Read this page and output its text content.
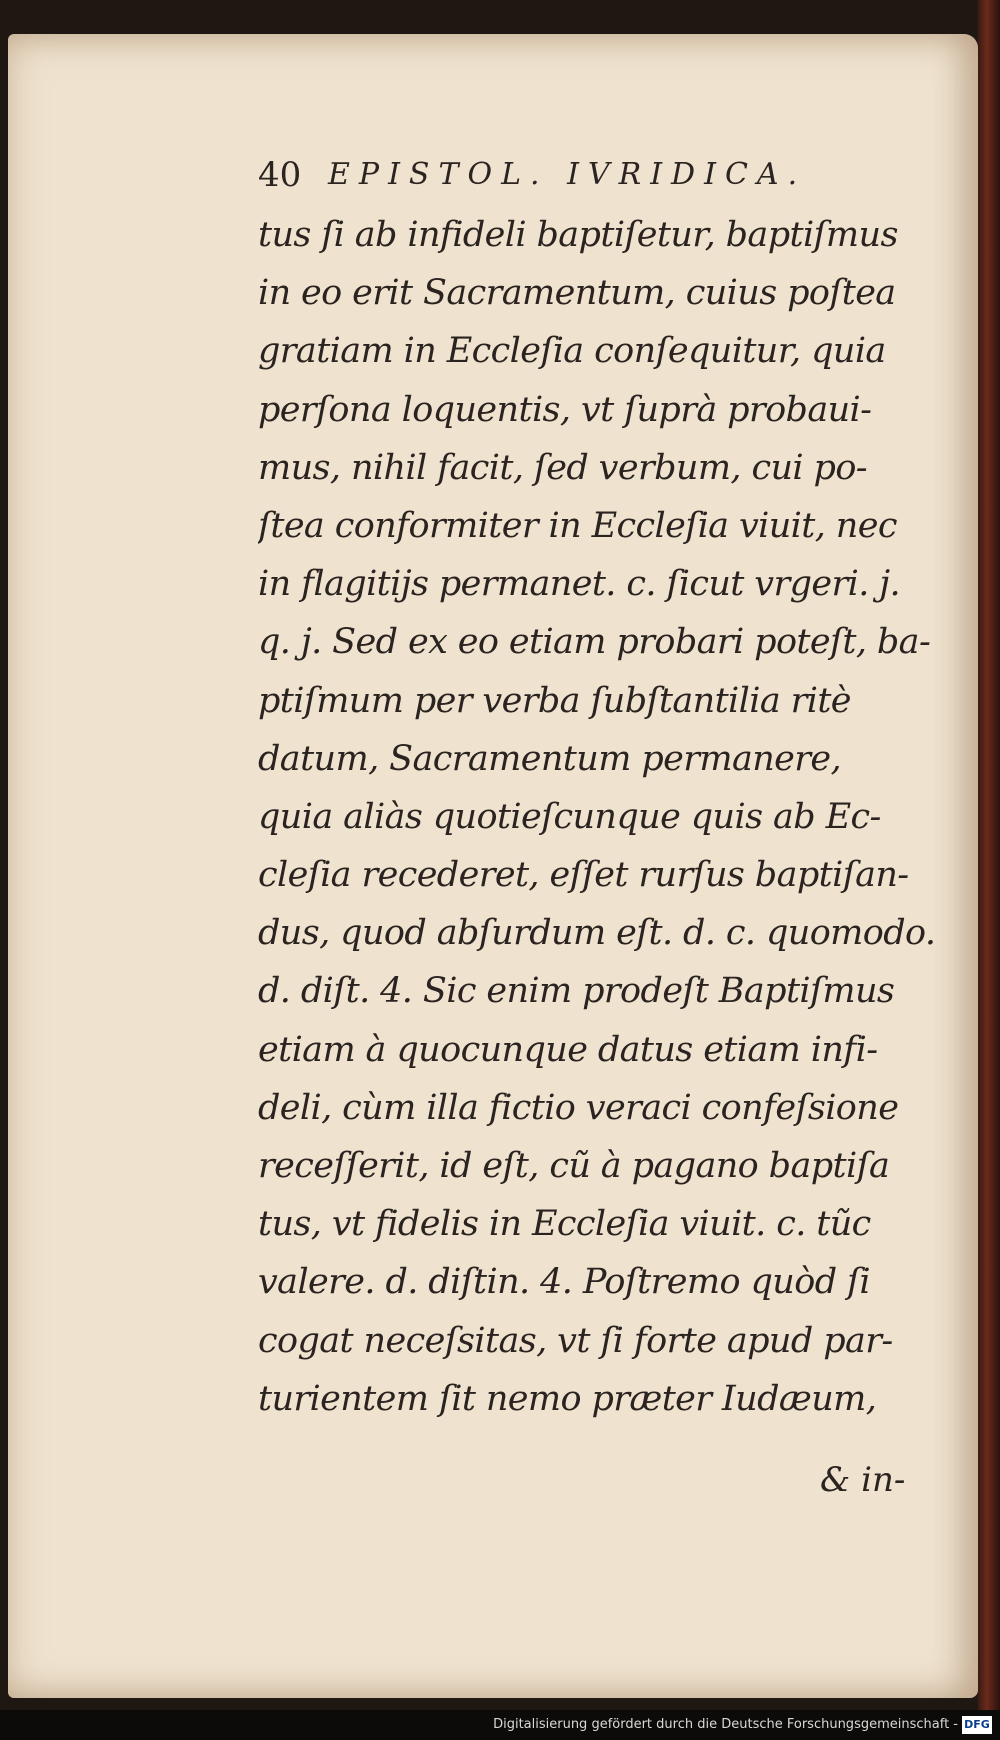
40 EPISTOL. IVRIDICA.
tus ſi ab infideli baptiſetur, baptiſmus
in eo erit Sacramentum, cuius poſtea
gratiam in Eccleſia conſequitur, quia
perſona loquentis, vt ſuprà probaui-
mus, nihil facit, ſed verbum, cui po-
ſtea conformiter in Eccleſia viuit, nec
in flagitijs permanet. c. ſicut vrgeri. j.
q. j. Sed ex eo etiam probari poteſt, ba-
ptiſmum per verba ſubſtantilia ritè
datum, Sacramentum permanere,
quia aliàs quotieſcunque quis ab Ec-
cleſia recederet, eſſet rurſus baptiſan-
dus, quod abſurdum eſt. d. c. quomodo.
d. diſt. 4. Sic enim prodeſt Baptiſmus
etiam à quocunque datus etiam infi-
deli, cùm illa fictio veraci confeſsione
receſſerit, id eſt, cũ à pagano baptiſa
tus, vt fidelis in Eccleſia viuit. c. tũc
valere. d. diſtin. 4. Poſtremo quòd ſi
cogat neceſsitas, vt ſi forte apud par-
turientem ſit nemo præter Iudæum,
& in-
Digitalisierung gefördert durch die Deutsche Forschungsgemeinschaft - DFG
